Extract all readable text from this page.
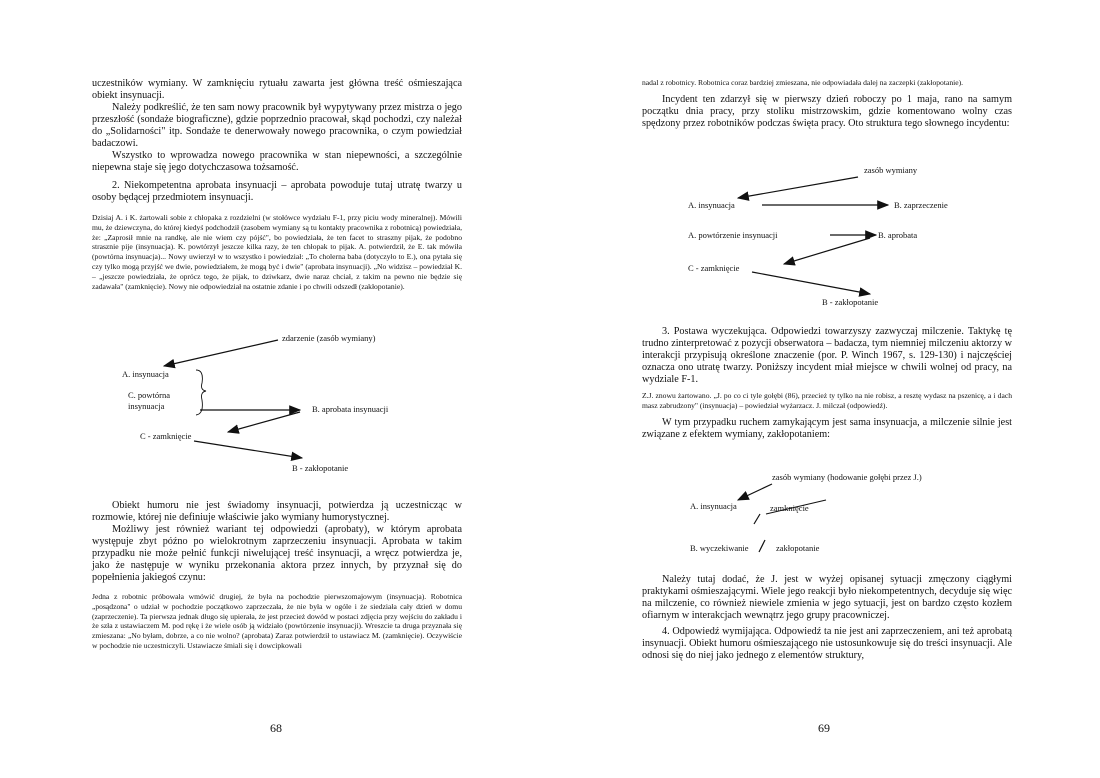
uczestników wymiany. W zamknięciu rytuału zawarta jest główna treść ośmieszająca obiekt insynuacji.

Należy podkreślić, że ten sam nowy pracownik był wypytywany przez mistrza o jego przeszłość (sondaże biograficzne), gdzie poprzednio pracował, skąd pochodzi, czy należał do „Solidarności" itp. Sondaże te denerwowały nowego pracownika, o czym powiedział badaczowi.

Wszystko to wprowadza nowego pracownika w stan niepewności, a szczególnie niepewna staje się jego dotychczasowa tożsamość.

2. Niekompetentna aprobata insynuacji – aprobata powoduje tutaj utratę twarzy u osoby będącej przedmiotem insynuacji.

Dzisiaj A. i K. żartowali sobie z chłopaka z rozdzielni (w stołówce wydziału F-1, przy piciu wody mineralnej). Mówili mu, że dziewczyna, do której kiedyś podchodził (zasobem wymiany są tu kontakty pracownika z robotnicą) powiedziała, że: „Zaprosił mnie na randkę, ale nie wiem czy pójść", bo powiedziała, że ten facet to straszny pijak, że podobno strasznie pije (insynuacja). K. powtórzył jeszcze kilka razy, że ten chłopak to pijak. A. potwierdził, że E. tak mówiła (powtórna insynuacja)... Nowy uwierzył w to wszystko i powiedział: „To cholerna baba (dotyczyło to E.), ona pytała się czy tylko mogą przyjść we dwie, powiedziałem, że mogą być i dwie" (aprobata insynuacji). „No widzisz – powiedział K. – „jeszcze powiedziała, że oprócz tego, że pijak, to dziwkarz, dwie naraz chciał, z takim na pewno nie będzie się zadawała" (zamknięcie). Nowy nie odpowiedział na ostatnie zdanie i po chwili odszedł (zakłopotanie).

zdarzenie (zasób wymiany)
A. insynuacja
C. powtórna
insynuacja	B. aprobata insynuacji
C - zamknięcie
B - zakłopotanie

Obiekt humoru nie jest świadomy insynuacji, potwierdza ją uczestnicząc w rozmowie, której nie definiuje właściwie jako wymiany humorystycznej.

Możliwy jest również wariant tej odpowiedzi (aprobaty), w którym aprobata występuje zbyt późno po wielokrotnym zaprzeczeniu insynuacji. Aprobata w takim przypadku nie może pełnić funkcji niwelującej treść insynuacji, a wręcz potwierdza je, jako że następuje w wyniku przekonania aktora przez innych, by przyznał się do popełnienia jakiegoś czynu:

Jedna z robotnic próbowała wmówić drugiej, że była na pochodzie pierwszomajowym (insynuacja). Robotnica „posądzona" o udział w pochodzie początkowo zaprzeczała, że nie była w ogóle i że siedziała cały dzień w domu (zaprzeczenie). Ta pierwsza jednak długo się upierała, że jest przecież dowód w postaci zdjęcia przy wejściu do zakładu i że szła z ustawiaczem M. pod rękę i że wiele osób ją widziało (powtórzenie insynuacji). Wreszcie ta druga przyznała się zmieszana: „No byłam, dobrze, a co nie wolno? (aprobata) Zaraz potwierdził to ustawiacz M. (zamknięcie). Oczywiście w pochodzie nie uczestniczyli. Ustawiacze śmiali się i dowcipkowali

68

nadal z robotnicy. Robotnica coraz bardziej zmieszana, nie odpowiadała dalej na zaczepki (zakłopotanie).

Incydent ten zdarzył się w pierwszy dzień roboczy po 1 maja, rano na samym początku dnia pracy, przy stoliku mistrzowskim, gdzie komentowano wolny czas spędzony przez robotników podczas święta pracy. Oto struktura tego słownego incydentu:

zasób wymiany
A. insynuacja	B. zaprzeczenie
A. powtórzenie insynuacji	B. aprobata
C - zamknięcie
B - zakłopotanie

3. Postawa wyczekująca. Odpowiedzi towarzyszy zazwyczaj milczenie. Taktykę tę trudno zinterpretować z pozycji obserwatora – badacza, tym niemniej milczeniu aktorzy w interakcji przypisują określone znaczenie (por. P. Winch 1967, s. 129-130) i najczęściej oznacza ono utratę twarzy. Poniższy incydent miał miejsce w chwili wolnej od pracy, na wydziale F-1.

Z.J. znowu żartowano. „J. po co ci tyle gołębi (86), przecież ty tylko na nie robisz, a resztę wydasz na pszenicę, a i dach masz zabrudzony" (insynuacja) – powiedział wyżarzacz. J. milczał (odpowiedź).

W tym przypadku ruchem zamykającym jest sama insynuacja, a milczenie silnie jest związane z efektem wymiany, zakłopotaniem:

zasób wymiany (hodowanie gołębi przez J.)
A. insynuacja	zamknięcie
B. wyczekiwanie	zakłopotanie

Należy tutaj dodać, że J. jest w wyżej opisanej sytuacji zmęczony ciągłymi praktykami ośmieszającymi. Wiele jego reakcji było niekompetentnych, decyduje się więc na milczenie, co również niewiele zmienia w jego sytuacji, jest on bardzo często kozłem ofiarnym w interakcjach wewnątrz jego grupy pracowniczej.

4. Odpowiedź wymijająca. Odpowiedź ta nie jest ani zaprzeczeniem, ani też aprobatą insynuacji. Obiekt humoru ośmieszającego nie ustosunkowuje się do treści insynuacji. Ale odnosi się do niej jako jednego z elementów struktury,

69
